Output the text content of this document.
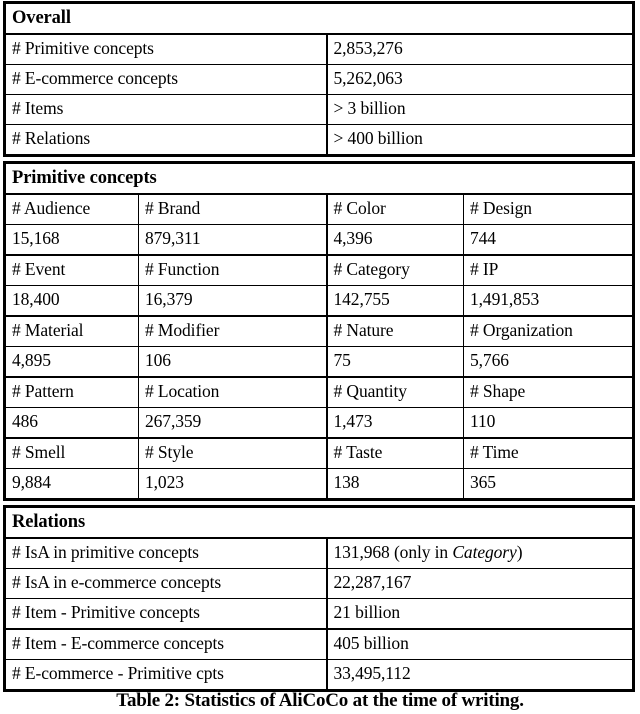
Overall			
# Primitive concepts		2,853,276	
# E-commerce concepts		5,262,063	
# Items		> 3 billion	
# Relations		> 400 billion	

Primitive concepts			
# Audience	# Brand	# Color	# Design
15,168	879,311	4,396	744
# Event	# Function	# Category	# IP
18,400	16,379	142,755	1,491,853
# Material	# Modifier	# Nature	# Organization
4,895	106	75	5,766
# Pattern	# Location	# Quantity	# Shape
486	267,359	1,473	110
# Smell	# Style	# Taste	# Time
9,884	1,023	138	365

Relations			
# IsA in primitive concepts		131,968 (only in Category)	
# IsA in e-commerce concepts		22,287,167	
# Item - Primitive concepts		21 billion	
# Item - E-commerce concepts		405 billion	
# E-commerce - Primitive cpts		33,495,112	
Table 2: Statistics of AliCoCo at the time of writing.
